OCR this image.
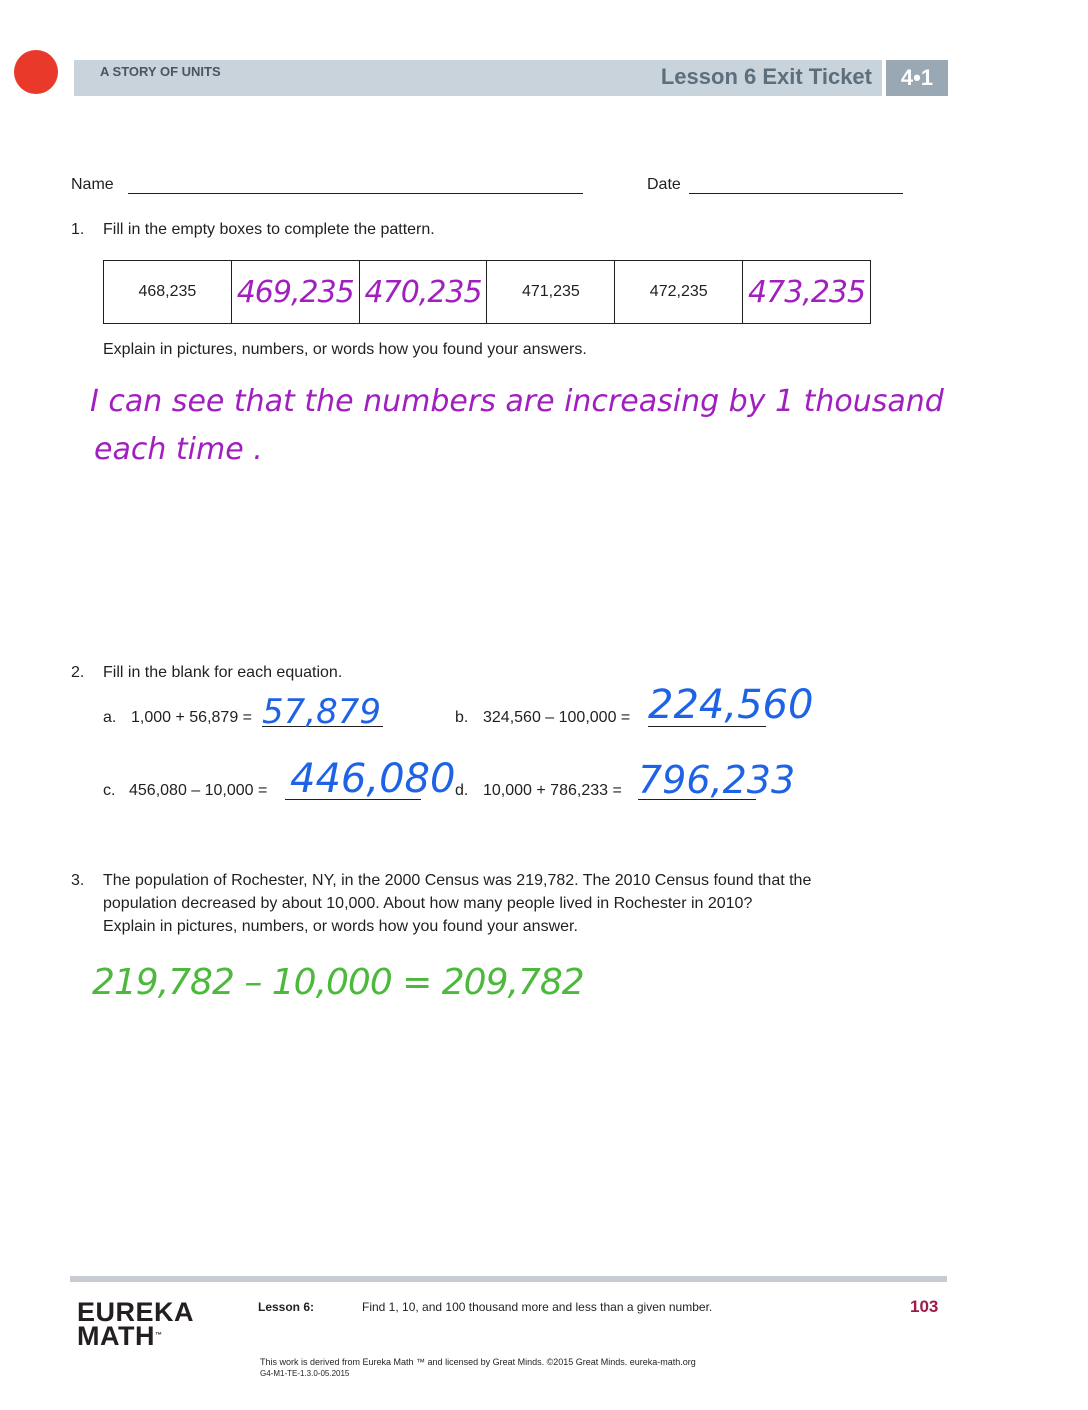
A STORY OF UNITS	Lesson 6 Exit Ticket	4•1
Name	Date
1. Fill in the empty boxes to complete the pattern.
468,235 469,235 470,235	471,235	472,235 473,235
Explain in pictures, numbers, or words how you found your answers.
I can see that the numbers are increasing by 1 thousand
each time .
2. Fill in the blank for each equation.
a. 1,000 + 56,879 = 57,879	b. 324,560 – 100,000 = 224,560
c. 456,080 – 10,000 = 446,080 d. 10,000 + 786,233 = 796,233
3. The population of Rochester, NY, in the 2000 Census was 219,782. The 2010 Census found that the
population decreased by about 10,000. About how many people lived in Rochester in 2010?
Explain in pictures, numbers, or words how you found your answer.
219,782 – 10,000 = 209,782
EUREKA
MATH™
Lesson 6:	Find 1, 10, and 100 thousand more and less than a given number.	103
This work is derived from Eureka Math ™ and licensed by Great Minds. ©2015 Great Minds. eureka-math.org
G4-M1-TE-1.3.0-05.2015
